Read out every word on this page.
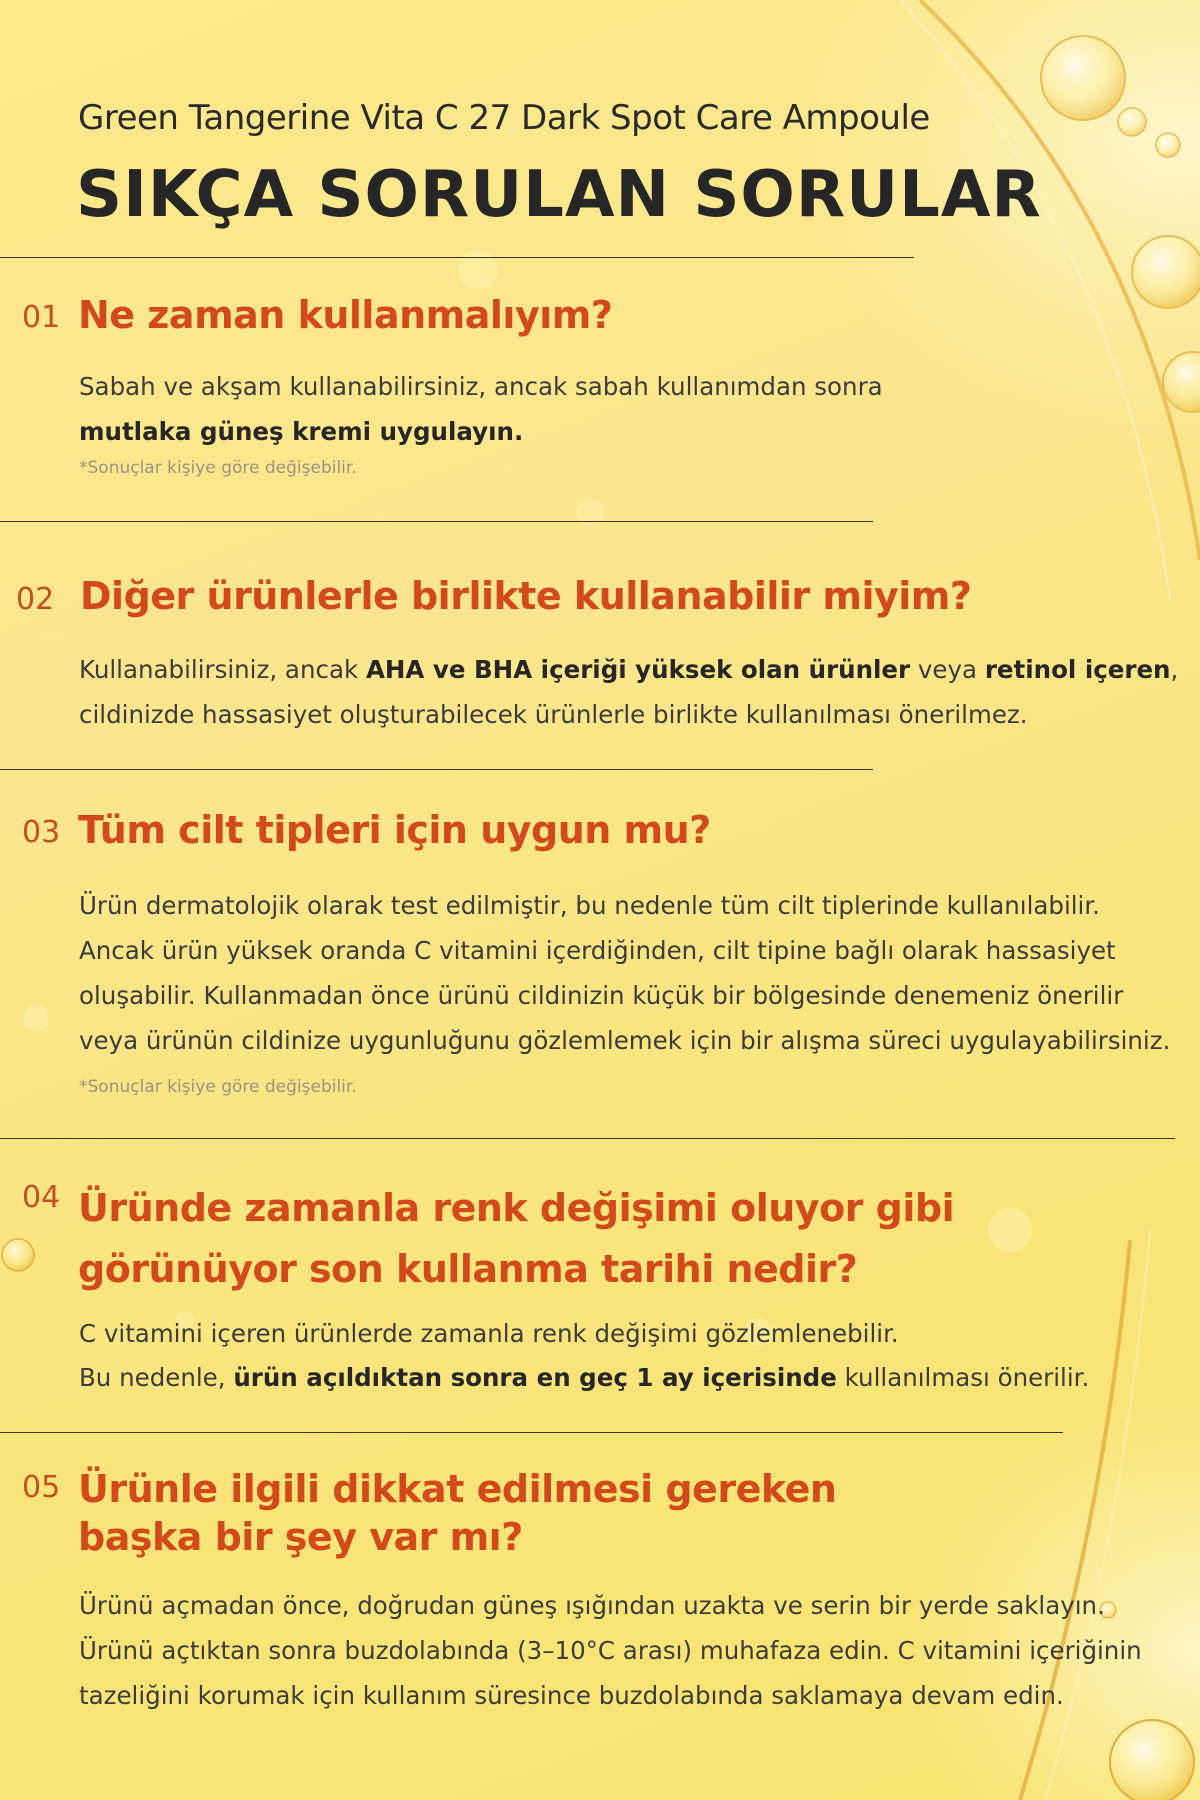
Green Tangerine Vita C 27 Dark Spot Care Ampoule

SIKÇA SORULAN SORULAR
01 Ne zaman kullanmalıyım?

Sabah ve akşam kullanabilirsiniz, ancak sabah kullanımdan sonra
mutlaka güneş kremi uygulayın.

*Sonuçlar kişiye göre değişebilir.

02 Diğer ürünlerle birlikte kullanabilir miyim?

Kullanabilirsiniz, ancak AHA ve BHA içeriği yüksek olan ürünler veya retinol içeren,
cildinizde hassasiyet oluşturabilecek ürünlerle birlikte kullanılması önerilmez.

03 Tüm cilt tipleri için uygun mu?

Ürün dermatolojik olarak test edilmiştir, bu nedenle tüm cilt tiplerinde kullanılabilir.
Ancak ürün yüksek oranda C vitamini içerdiğinden, cilt tipine bağlı olarak hassasiyet
oluşabilir. Kullanmadan önce ürünü cildinizin küçük bir bölgesinde denemeniz önerilir
veya ürünün cildinize uygunluğunu gözlemlemek için bir alışma süreci uygulayabilirsiniz.

*Sonuçlar kişiye göre değişebilir.

04 Üründe zamanla renk değişimi oluyor gibi
görünüyor son kullanma tarihi nedir?

C vitamini içeren ürünlerde zamanla renk değişimi gözlemlenebilir.
Bu nedenle, ürün açıldıktan sonra en geç 1 ay içerisinde kullanılması önerilir.

05 Ürünle ilgili dikkat edilmesi gereken
başka bir şey var mı?

Ürünü açmadan önce, doğrudan güneş ışığından uzakta ve serin bir yerde saklayın.
Ürünü açtıktan sonra buzdolabında (3–10°C arası) muhafaza edin. C vitamini içeriğinin
tazeliğini korumak için kullanım süresince buzdolabında saklamaya devam edin.
